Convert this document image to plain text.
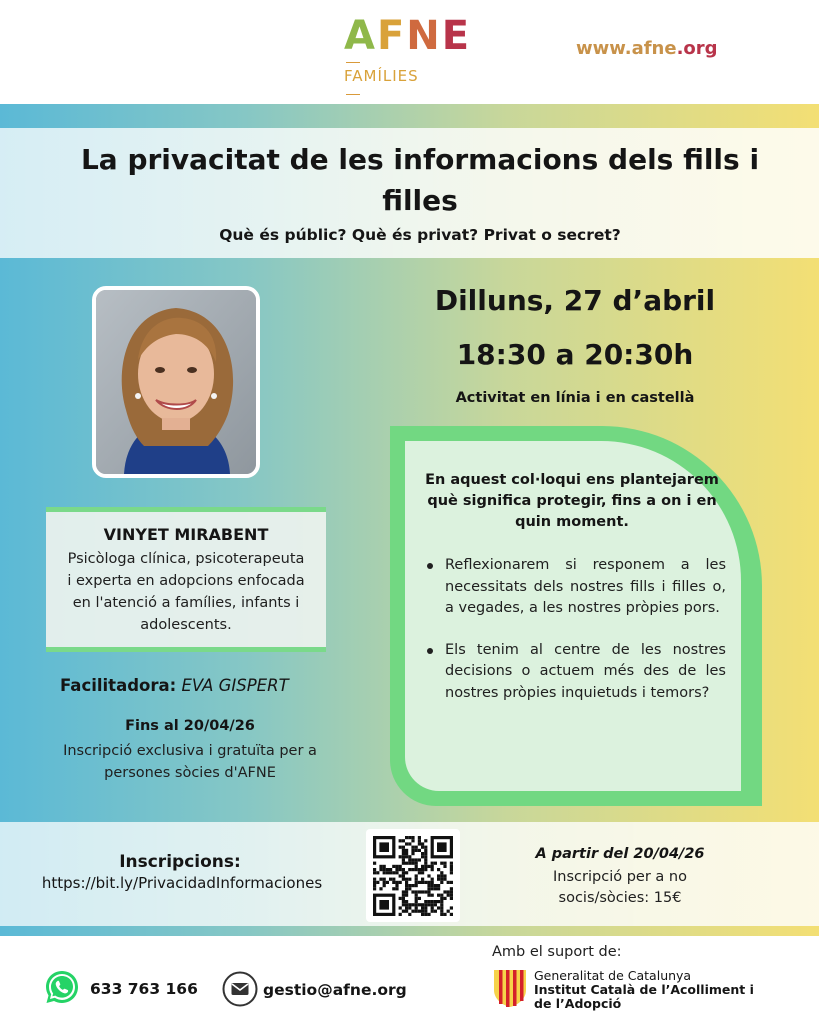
AFNE
FAMÍLIES
www.afne.org
La privacitat de les informacions dels fills i filles
Què és públic? Què és privat? Privat o secret?
VINYET MIRABENT
Psicòloga clínica, psicoterapeuta i experta en adopcions enfocada en l'atenció a famílies, infants i adolescents.
Facilitadora: EVA GISPERT
Fins al 20/04/26
Inscripció exclusiva i gratuïta per a persones sòcies d'AFNE
Dilluns, 27 d’abril
18:30 a 20:30h
Activitat en línia i en castellà
En aquest col·loqui ens plantejarem què significa protegir, fins a on i en quin moment.
Reflexionarem si responem a les necessitats dels nostres fills i filles o, a vegades, a les nostres pròpies pors.
Els tenim al centre de les nostres decisions o actuem més des de les nostres pròpies inquietuds i temors?
Inscripcions:
https://bit.ly/PrivacidadInformaciones
A partir del 20/04/26
Inscripció per a no socis/sòcies: 15€
633 763 166	gestio@afne.org
Amb el suport de:
Generalitat de Catalunya
Institut Català de l’Acolliment i de l’Adopció
